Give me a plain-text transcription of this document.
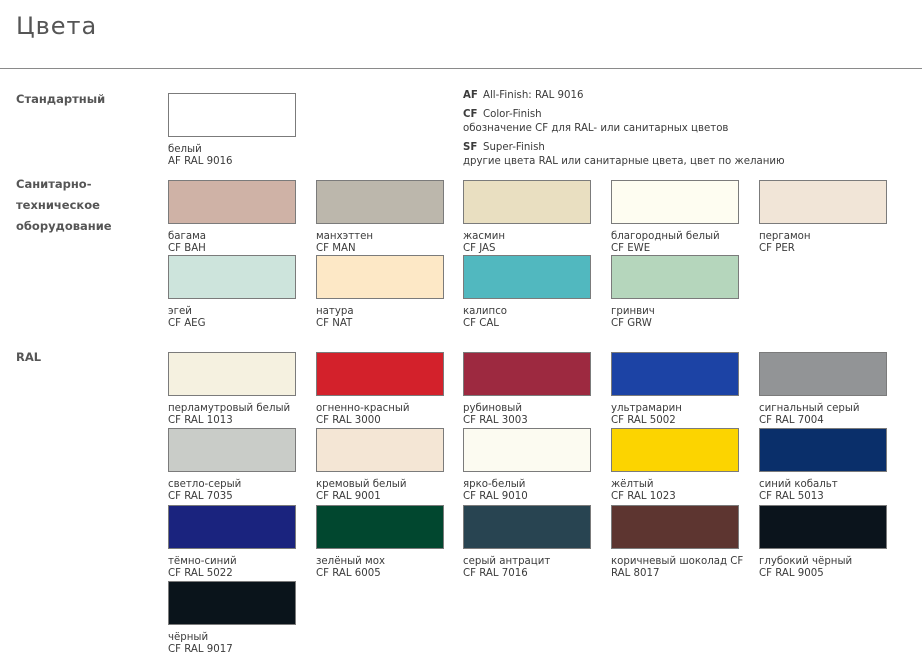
Цвета
Стандартный
Санитарно-
техническое
оборудование
RAL
AF All-Finish: RAL 9016
CF Color-Finish
обозначение CF для RAL- или санитарных цветов
SF Super-Finish
другие цвета RAL или санитарные цвета, цвет по желанию
белый
AF RAL 9016
багама
CF BAH
манхэттен
CF MAN
жасмин
CF JAS
благородный белый
CF EWE
пергамон
CF PER
эгей
CF AEG
натура
CF NAT
калипсо
CF CAL
гринвич
CF GRW
перламутровый белый
CF RAL 1013
огненно-красный
CF RAL 3000
рубиновый
CF RAL 3003
ультрамарин
CF RAL 5002
сигнальный серый
CF RAL 7004
светло-серый
CF RAL 7035
кремовый белый
CF RAL 9001
ярко-белый
CF RAL 9010
жёлтый
CF RAL 1023
синий кобальт
CF RAL 5013
тёмно-синий
CF RAL 5022
зелёный мох
CF RAL 6005
серый антрацит
CF RAL 7016
коричневый шоколад CF
RAL 8017
глубокий чёрный
CF RAL 9005
чёрный
CF RAL 9017
